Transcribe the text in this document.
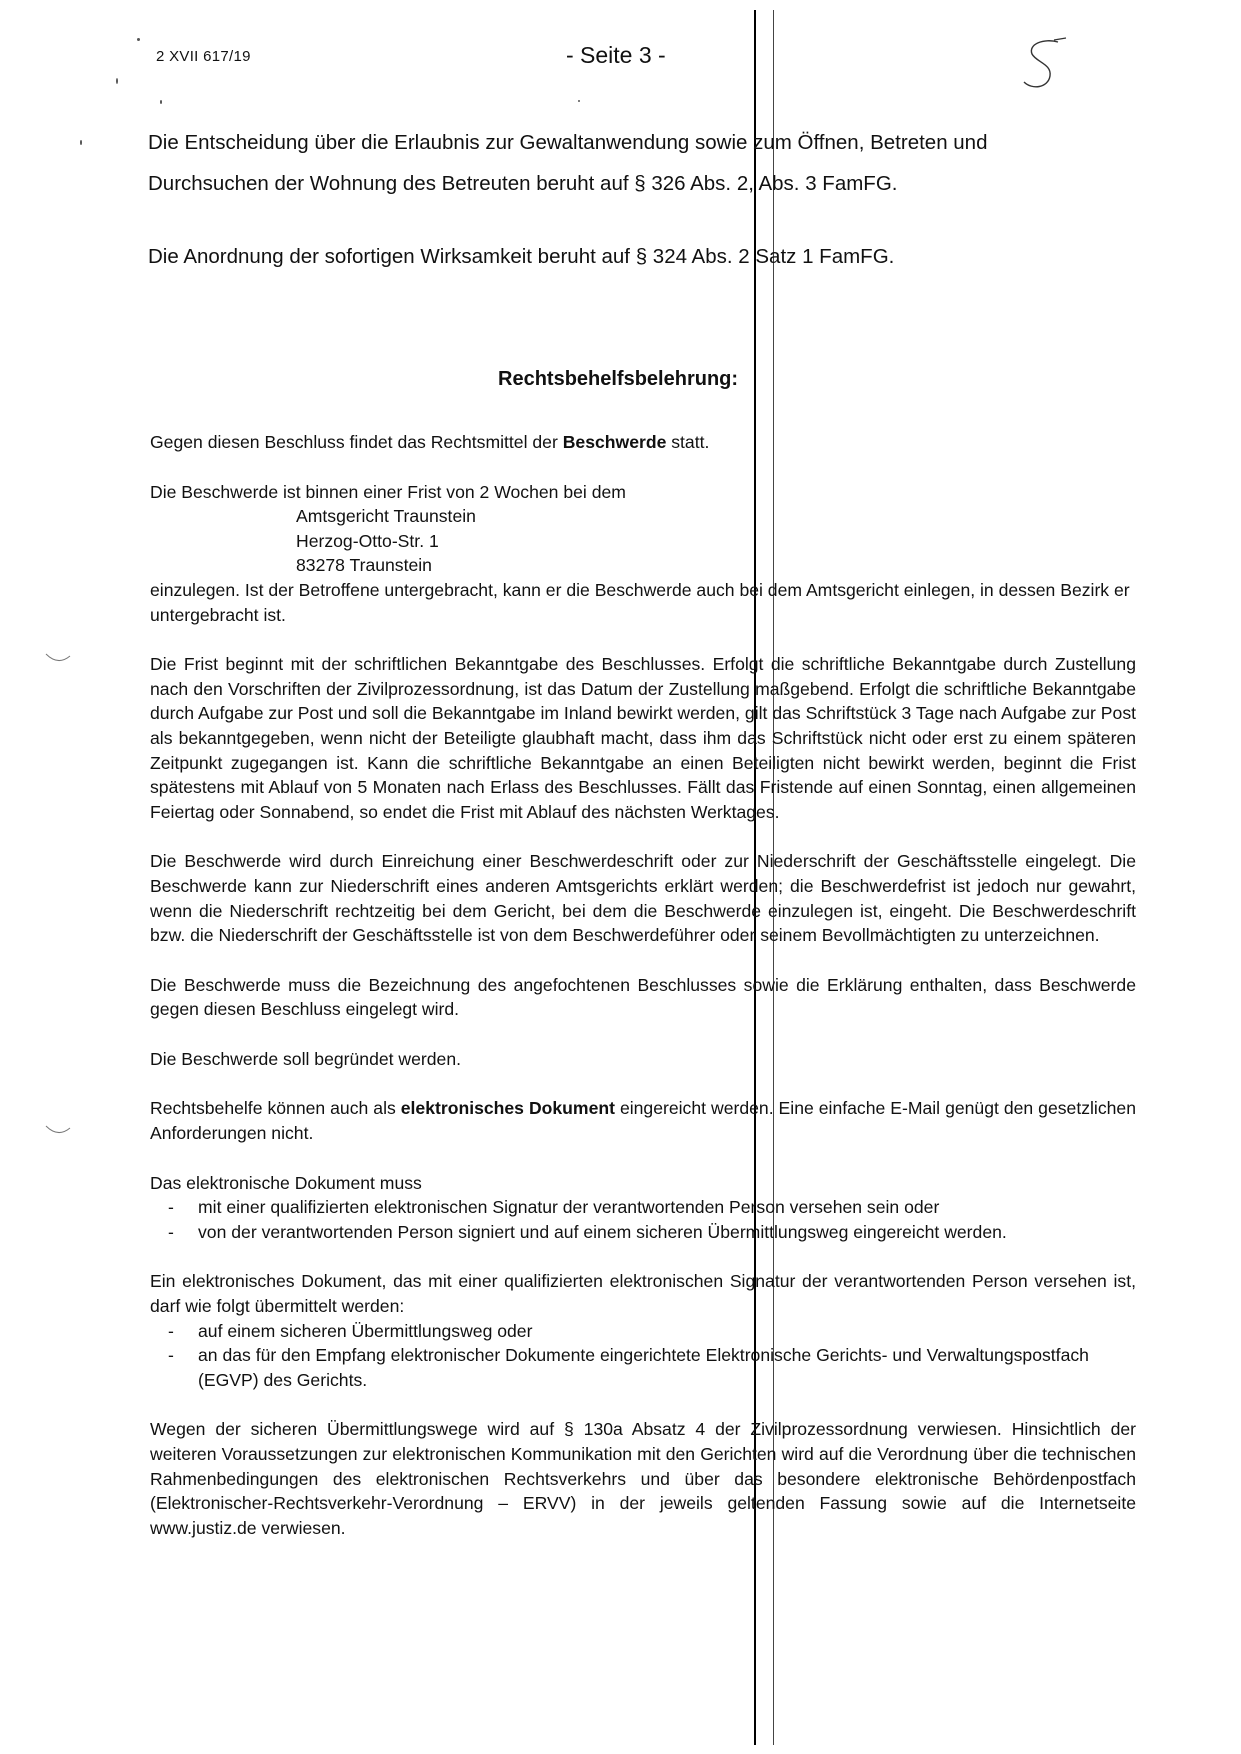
2 XVII 617/19	- Seite 3 -

Die Entscheidung über die Erlaubnis zur Gewaltanwendung sowie zum Öffnen, Betreten und
Durchsuchen der Wohnung des Betreuten beruht auf § 326 Abs. 2, Abs. 3 FamFG.

Die Anordnung der sofortigen Wirksamkeit beruht auf § 324 Abs. 2 Satz 1 FamFG.

Rechtsbehelfsbelehrung:

Gegen diesen Beschluss findet das Rechtsmittel der Beschwerde statt.

Die Beschwerde ist binnen einer Frist von 2 Wochen bei dem

Amtsgericht Traunstein
Herzog-Otto-Str. 1
83278 Traunstein

einzulegen. Ist der Betroffene untergebracht, kann er die Beschwerde auch bei dem Amtsgericht einlegen, in dessen Bezirk er untergebracht ist.

Die Frist beginnt mit der schriftlichen Bekanntgabe des Beschlusses. Erfolgt die schriftliche Bekanntgabe durch Zustellung nach den Vorschriften der Zivilprozessordnung, ist das Datum der Zustellung maßgebend. Erfolgt die schriftliche Bekanntgabe durch Aufgabe zur Post und soll die Bekanntgabe im Inland bewirkt werden, gilt das Schriftstück 3 Tage nach Aufgabe zur Post als bekanntgegeben, wenn nicht der Beteiligte glaubhaft macht, dass ihm das Schriftstück nicht oder erst zu einem späteren Zeitpunkt zugegangen ist. Kann die schriftliche Bekanntgabe an einen Beteiligten nicht bewirkt werden, beginnt die Frist spätestens mit Ablauf von 5 Monaten nach Erlass des Beschlusses. Fällt das Fristende auf einen Sonntag, einen allgemeinen Feiertag oder Sonnabend, so endet die Frist mit Ablauf des nächsten Werktages.

Die Beschwerde wird durch Einreichung einer Beschwerdeschrift oder zur Niederschrift der Geschäftsstelle eingelegt. Die Beschwerde kann zur Niederschrift eines anderen Amtsgerichts erklärt werden; die Beschwerdefrist ist jedoch nur gewahrt, wenn die Niederschrift rechtzeitig bei dem Gericht, bei dem die Beschwerde einzulegen ist, eingeht. Die Beschwerdeschrift bzw. die Niederschrift der Geschäftsstelle ist von dem Beschwerdeführer oder seinem Bevollmächtigten zu unterzeichnen.

Die Beschwerde muss die Bezeichnung des angefochtenen Beschlusses sowie die Erklärung enthalten, dass Beschwerde gegen diesen Beschluss eingelegt wird.

Die Beschwerde soll begründet werden.

Rechtsbehelfe können auch als elektronisches Dokument eingereicht werden. Eine einfache E-Mail genügt den gesetzlichen Anforderungen nicht.

Das elektronische Dokument muss

- mit einer qualifizierten elektronischen Signatur der verantwortenden Person versehen sein oder
- von der verantwortenden Person signiert und auf einem sicheren Übermittlungsweg eingereicht werden.

Ein elektronisches Dokument, das mit einer qualifizierten elektronischen Signatur der verantwortenden Person versehen ist, darf wie folgt übermittelt werden:

- auf einem sicheren Übermittlungsweg oder
- an das für den Empfang elektronischer Dokumente eingerichtete Elektronische Gerichts- und Verwaltungspostfach (EGVP) des Gerichts.

Wegen der sicheren Übermittlungswege wird auf § 130a Absatz 4 der Zivilprozessordnung verwiesen. Hinsichtlich der weiteren Voraussetzungen zur elektronischen Kommunikation mit den Gerichten wird auf die Verordnung über die technischen Rahmenbedingungen des elektronischen Rechtsverkehrs und über das besondere elektronische Behördenpostfach (Elektronischer-Rechtsverkehr-Verordnung – ERVV) in der jeweils geltenden Fassung sowie auf die Internetseite www.justiz.de verwiesen.
